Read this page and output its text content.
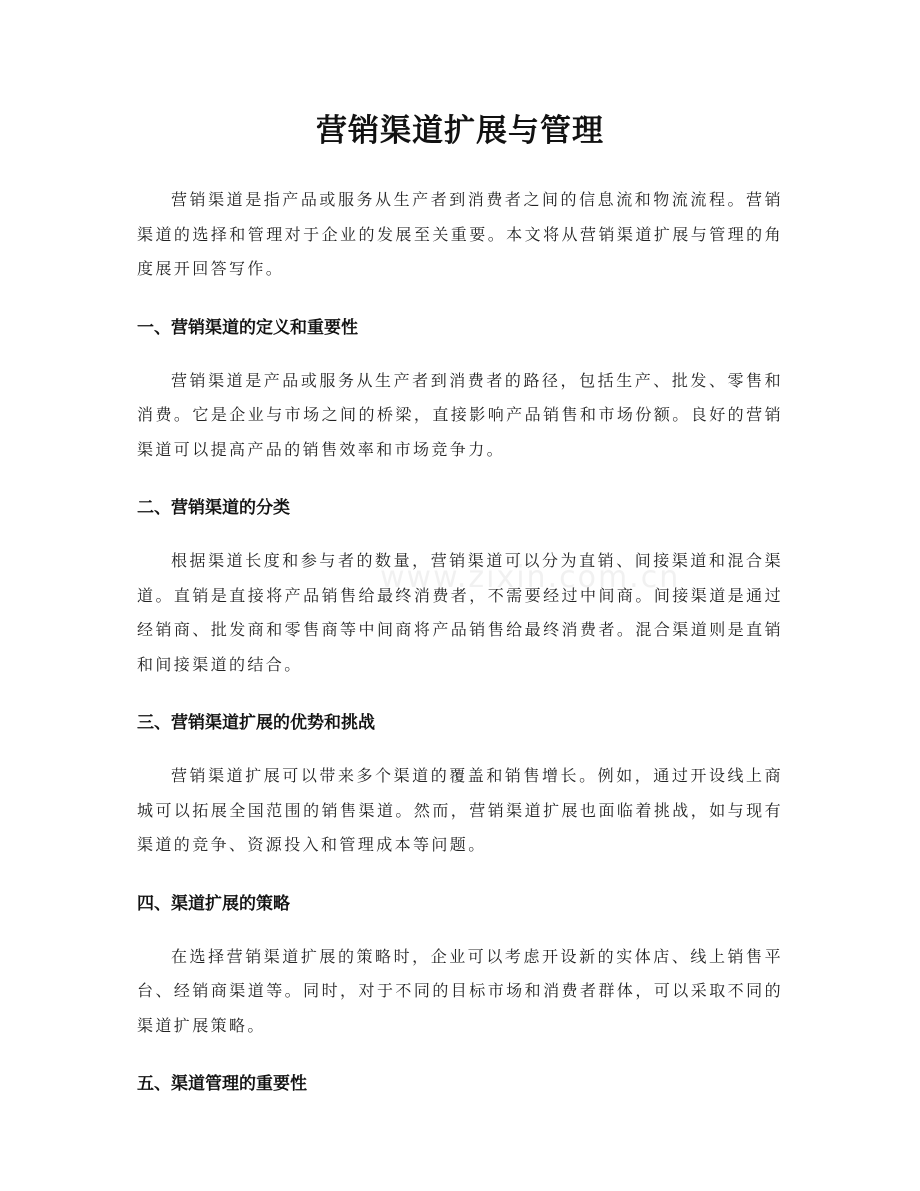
营销渠道扩展与管理
www.zixin.com.cn

营销渠道是指产品或服务从生产者到消费者之间的信息流和物流流程。营销渠道的选择和管理对于企业的发展至关重要。本文将从营销渠道扩展与管理的角度展开回答写作。

一、营销渠道的定义和重要性

营销渠道是产品或服务从生产者到消费者的路径，包括生产、批发、零售和消费。它是企业与市场之间的桥梁，直接影响产品销售和市场份额。良好的营销渠道可以提高产品的销售效率和市场竞争力。

二、营销渠道的分类

根据渠道长度和参与者的数量，营销渠道可以分为直销、间接渠道和混合渠道。直销是直接将产品销售给最终消费者，不需要经过中间商。间接渠道是通过经销商、批发商和零售商等中间商将产品销售给最终消费者。混合渠道则是直销和间接渠道的结合。

三、营销渠道扩展的优势和挑战

营销渠道扩展可以带来多个渠道的覆盖和销售增长。例如，通过开设线上商城可以拓展全国范围的销售渠道。然而，营销渠道扩展也面临着挑战，如与现有渠道的竞争、资源投入和管理成本等问题。

四、渠道扩展的策略

在选择营销渠道扩展的策略时，企业可以考虑开设新的实体店、线上销售平台、经销商渠道等。同时，对于不同的目标市场和消费者群体，可以采取不同的渠道扩展策略。

五、渠道管理的重要性
